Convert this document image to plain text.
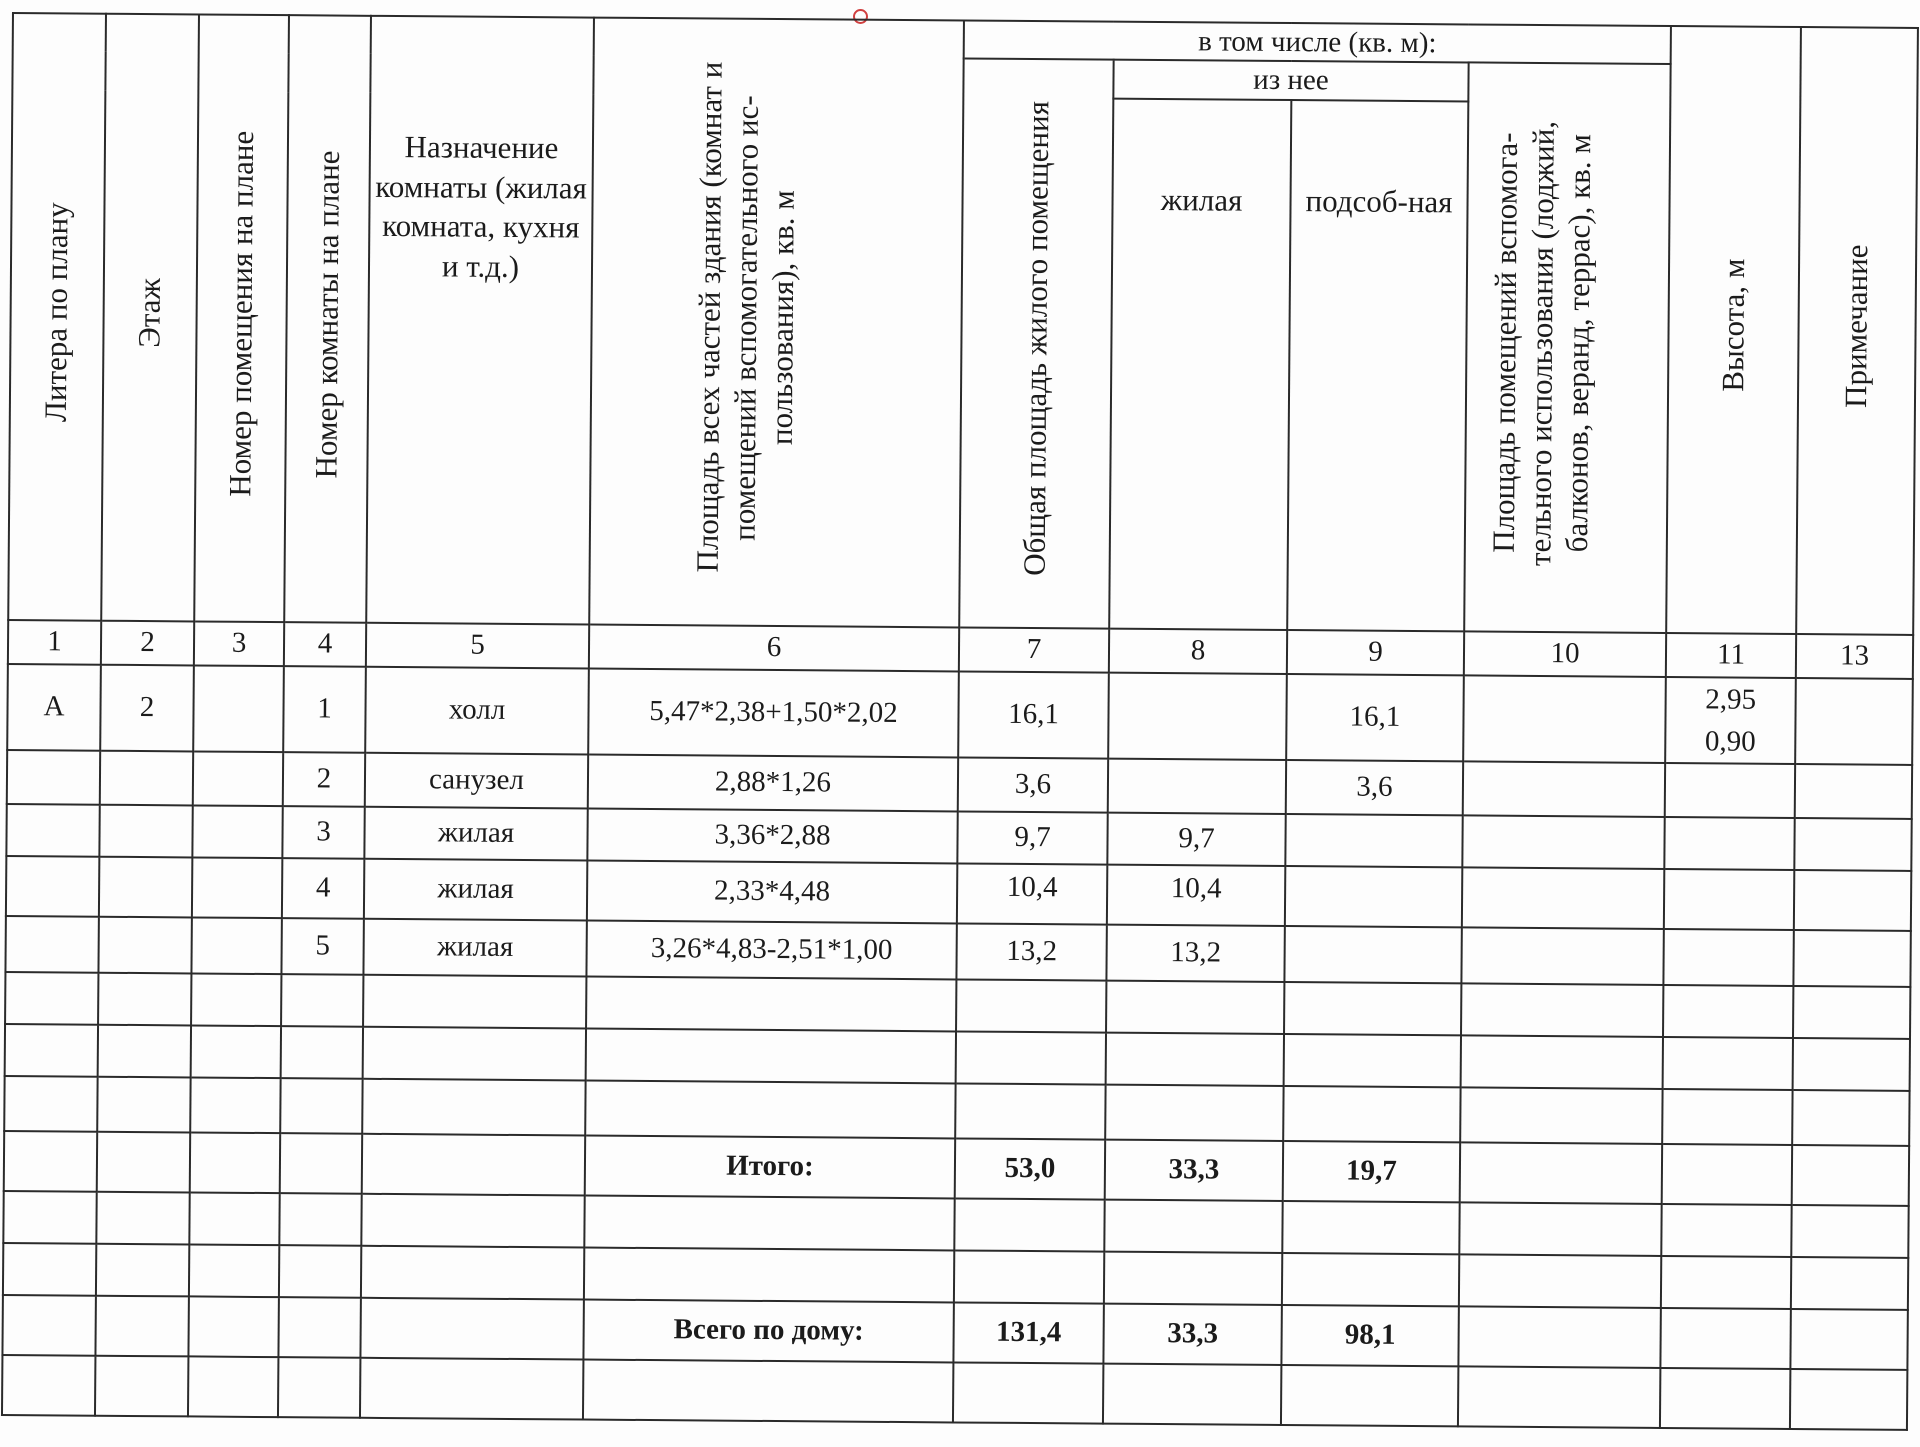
Литера по плану	Этаж	Номер помещения на плане	Номер комнаты на плане	Назначение комнаты (жилая комната, кухня и т.д.)	Площадь всех частей здания (комнат и помещений вспомогательного ис-пользования), кв. м	в том числе (кв. м):				Высота, м	Примечание
						Общая площадь жилого помещения	из нее		Площадь помещений вспомога-тельного использования (лоджий, балконов, веранд, террас), кв. м		
							жилая	подсоб-ная			

1	2	3	4	5	6	7	8	9	10	11	13
А	2		1	холл	5,47*2,38+1,50*2,02	16,1		16,1		2,95
0,90	

			2	санузел	2,88*1,26	3,6		3,6			
			3	жилая	3,36*2,88	9,7	9,7				
			4	жилая	2,33*4,48	10,4	10,4				
			5	жилая	3,26*4,83-2,51*1,00	13,2	13,2				

					Итого:	53,0	33,3	19,7			

					Всего по дому:	131,4	33,3	98,1			
